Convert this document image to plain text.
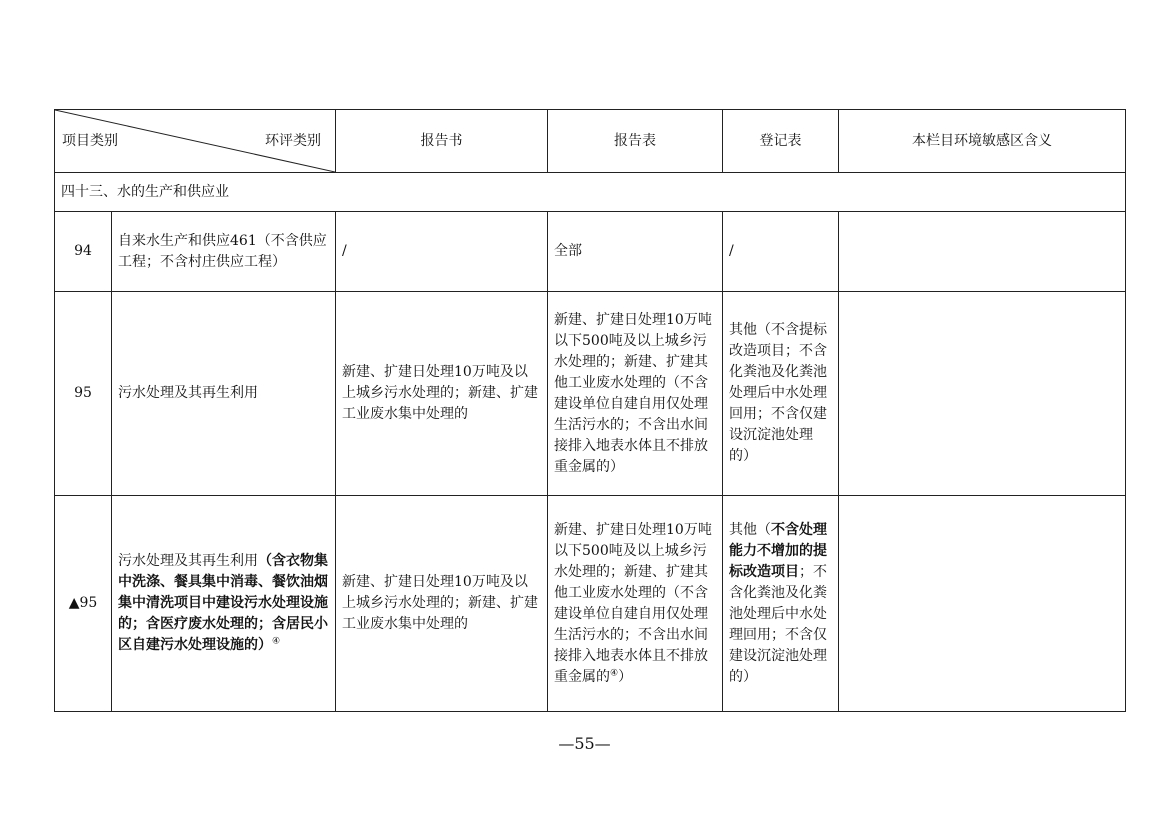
项目类别 环评类别		报告书	报告表	登记表	本栏目环境敏感区含义
四十三、水的生产和供应业					
94	自来水生产和供应461（不含供应工程；不含村庄供应工程）	/	全部	/	
95	污水处理及其再生利用	新建、扩建日处理10万吨及以上城乡污水处理的；新建、扩建工业废水集中处理的	新建、扩建日处理10万吨以下500吨及以上城乡污水处理的；新建、扩建其他工业废水处理的（不含建设单位自建自用仅处理生活污水的；不含出水间接排入地表水体且不排放重金属的）	其他（不含提标改造项目；不含化粪池及化粪池处理后中水处理回用；不含仅建设沉淀池处理的）	
▲95	污水处理及其再生利用（含衣物集中洗涤、餐具集中消毒、餐饮油烟集中清洗项目中建设污水处理设施的；含医疗废水处理的；含居民小区自建污水处理设施的）④	新建、扩建日处理10万吨及以上城乡污水处理的；新建、扩建工业废水集中处理的	新建、扩建日处理10万吨以下500吨及以上城乡污水处理的；新建、扩建其他工业废水处理的（不含建设单位自建自用仅处理生活污水的；不含出水间接排入地表水体且不排放重金属的④）	其他（不含处理能力不增加的提标改造项目；不含化粪池及化粪池处理后中水处理回用；不含仅建设沉淀池处理的）	
—55—
